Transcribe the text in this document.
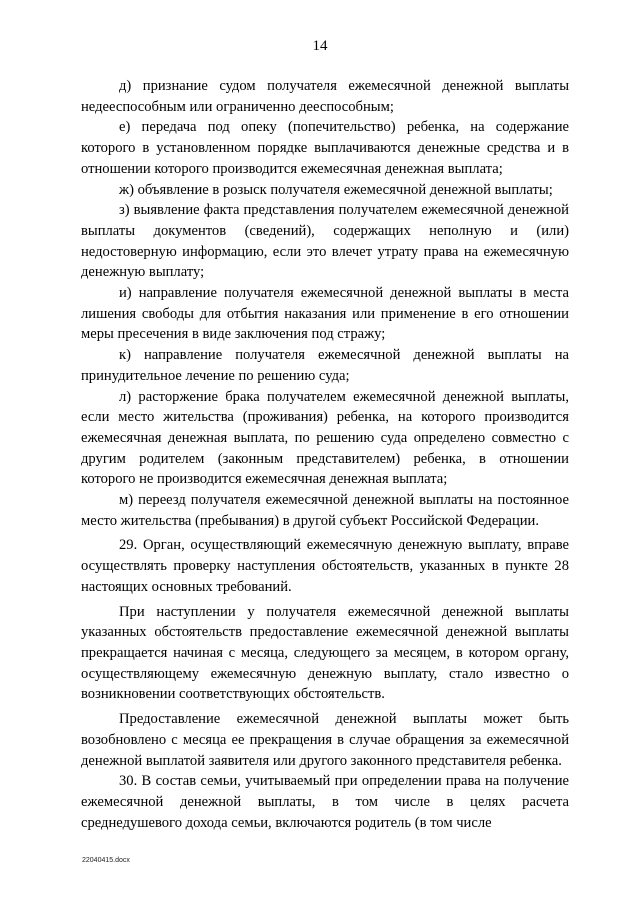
14

д) признание судом получателя ежемесячной денежной выплаты недееспособным или ограниченно дееспособным;

е) передача под опеку (попечительство) ребенка, на содержание которого в установленном порядке выплачиваются денежные средства и в отношении которого производится ежемесячная денежная выплата;

ж) объявление в розыск получателя ежемесячной денежной выплаты;

з) выявление факта представления получателем ежемесячной денежной выплаты документов (сведений), содержащих неполную и (или) недостоверную информацию, если это влечет утрату права на ежемесячную денежную выплату;

и) направление получателя ежемесячной денежной выплаты в места лишения свободы для отбытия наказания или применение в его отношении меры пресечения в виде заключения под стражу;

к) направление получателя ежемесячной денежной выплаты на принудительное лечение по решению суда;

л) расторжение брака получателем ежемесячной денежной выплаты, если место жительства (проживания) ребенка, на которого производится ежемесячная денежная выплата, по решению суда определено совместно с другим родителем (законным представителем) ребенка, в отношении которого не производится ежемесячная денежная выплата;

м) переезд получателя ежемесячной денежной выплаты на постоянное место жительства (пребывания) в другой субъект Российской Федерации.

29. Орган, осуществляющий ежемесячную денежную выплату, вправе осуществлять проверку наступления обстоятельств, указанных в пункте 28 настоящих основных требований.

При наступлении у получателя ежемесячной денежной выплаты указанных обстоятельств предоставление ежемесячной денежной выплаты прекращается начиная с месяца, следующего за месяцем, в котором органу, осуществляющему ежемесячную денежную выплату, стало известно о возникновении соответствующих обстоятельств.

Предоставление ежемесячной денежной выплаты может быть возобновлено с месяца ее прекращения в случае обращения за ежемесячной денежной выплатой заявителя или другого законного представителя ребенка.

30. В состав семьи, учитываемый при определении права на получение ежемесячной денежной выплаты, в том числе в целях расчета среднедушевого дохода семьи, включаются родитель (в том числе

22040415.docx
